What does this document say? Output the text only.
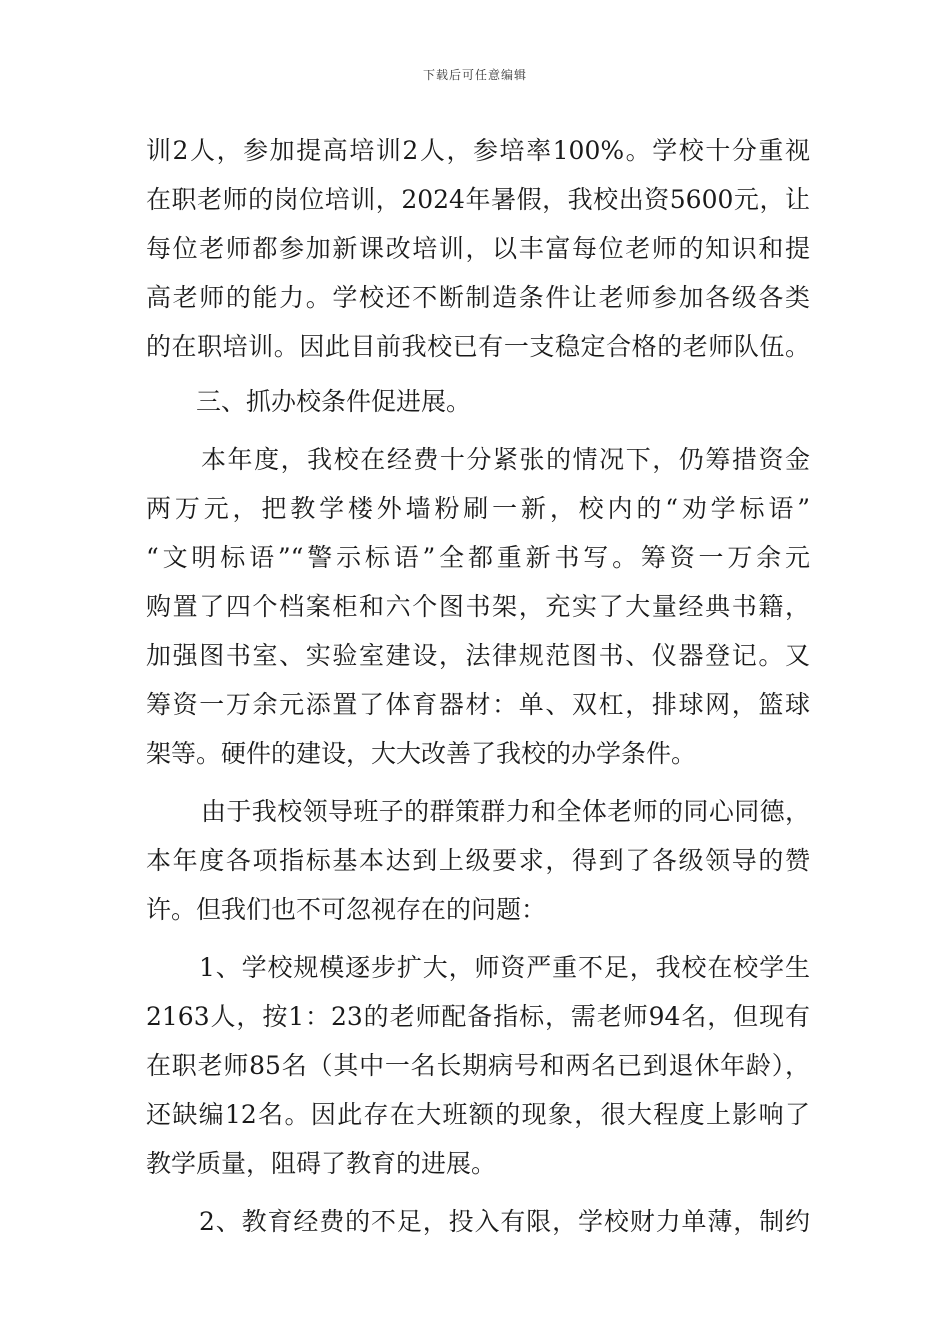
下载后可任意编辑
训2人，参加提高培训2人，参培率100%。学校十分重视
在职老师的岗位培训，2024年暑假，我校出资5600元，让
每位老师都参加新课改培训，以丰富每位老师的知识和提
高老师的能力。学校还不断制造条件让老师参加各级各类
的在职培训。因此目前我校已有一支稳定合格的老师队伍。
三、抓办校条件促进展。
本年度，我校在经费十分紧张的情况下，仍筹措资金
两万元，把教学楼外墙粉刷一新，校内的“劝学标语”
“文明标语”“警示标语”全都重新书写。筹资一万余元
购置了四个档案柜和六个图书架，充实了大量经典书籍，
加强图书室、实验室建设，法律规范图书、仪器登记。又
筹资一万余元添置了体育器材：单、双杠，排球网，篮球
架等。硬件的建设，大大改善了我校的办学条件。
由于我校领导班子的群策群力和全体老师的同心同德，
本年度各项指标基本达到上级要求，得到了各级领导的赞
许。但我们也不可忽视存在的问题：
1、学校规模逐步扩大，师资严重不足，我校在校学生
2163人，按1：23的老师配备指标，需老师94名，但现有
在职老师85名（其中一名长期病号和两名已到退休年龄），
还缺编12名。因此存在大班额的现象，很大程度上影响了
教学质量，阻碍了教育的进展。
2、教育经费的不足，投入有限，学校财力单薄，制约
